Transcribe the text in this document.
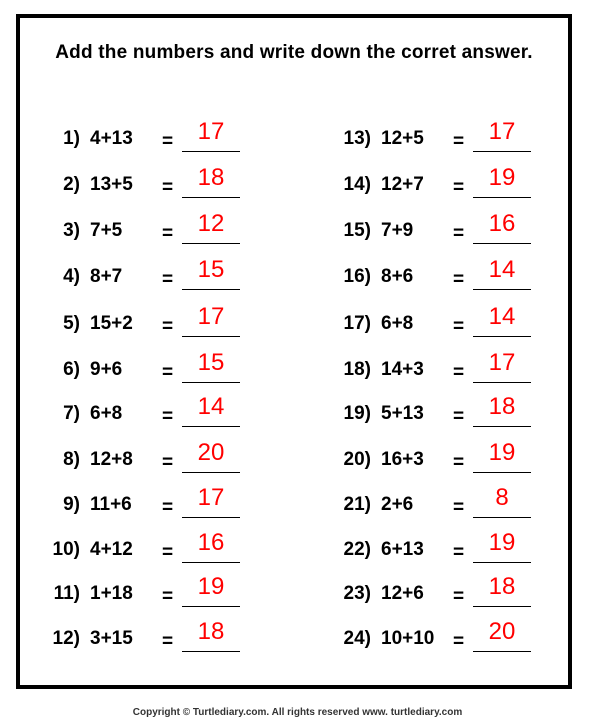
Add the numbers and write down the corret answer.
1) 4+13 =	17
2) 13+5 =	18
3) 7+5 =	12
4) 8+7 =	15
5) 15+2 =	17
6) 9+6 =	15
7) 6+8 =	14
8) 12+8 =	20
9) 11+6 =	17
10) 4+12 =	16
11) 1+18 =	19
12) 3+15 =	18
13) 12+5 =	17
14) 12+7 =	19
15) 7+9 =	16
16) 8+6 =	14
17) 6+8 =	14
18) 14+3 =	17
19) 5+13 =	18
20) 16+3 =	19
21) 2+6 =	8
22) 6+13 =	19
23) 12+6 =	18
24) 10+10 =	20
Copyright © Turtlediary.com. All rights reserved www. turtlediary.com
